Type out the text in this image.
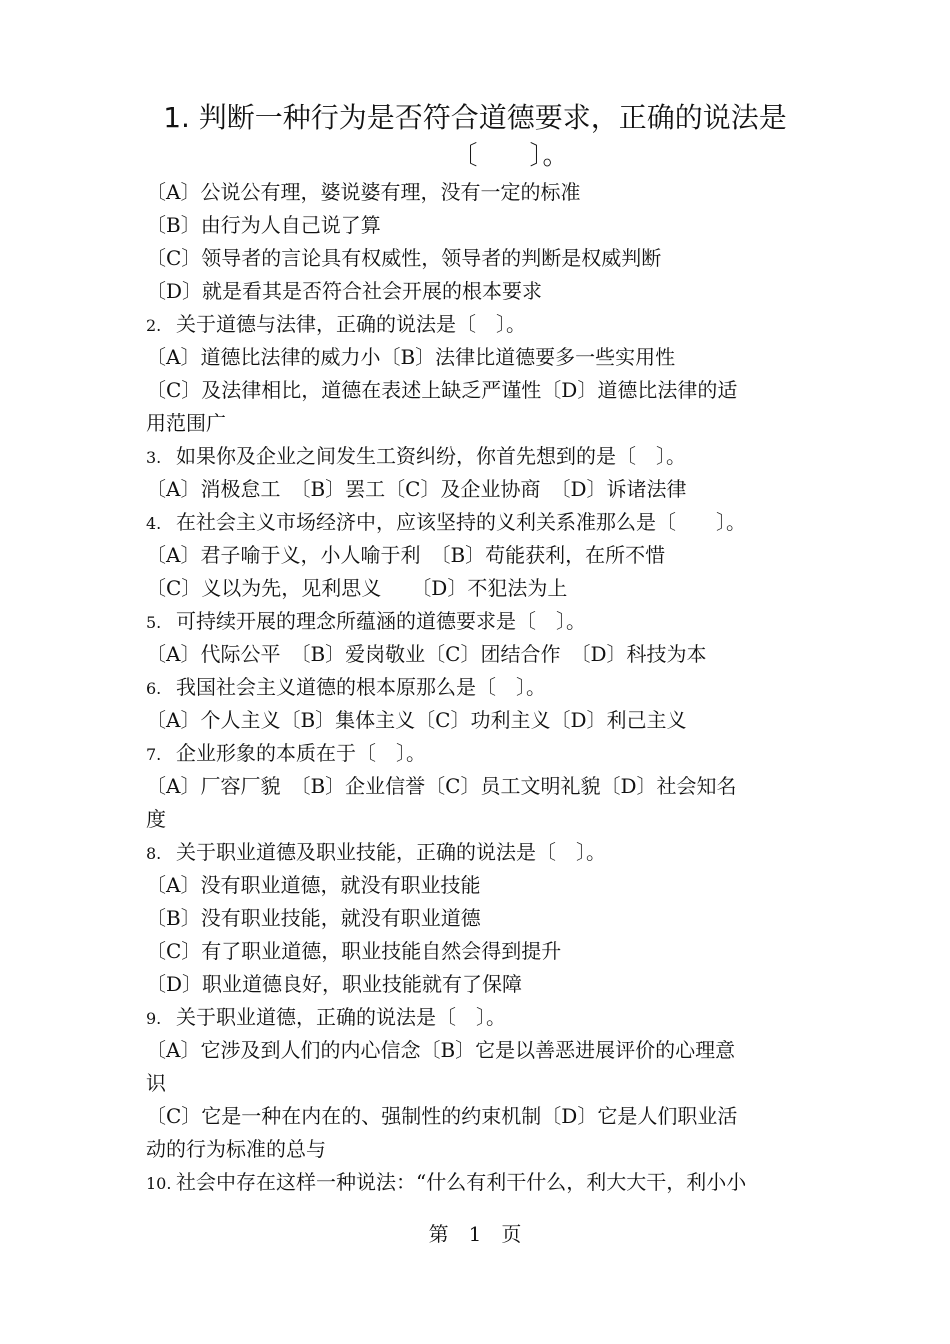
1. 判断一种行为是否符合道德要求，正确的说法是
〔　　〕。
〔A〕公说公有理，婆说婆有理，没有一定的标准
〔B〕由行为人自己说了算
〔C〕领导者的言论具有权威性，领导者的判断是权威判断
〔D〕就是看其是否符合社会开展的根本要求
2. 关于道德与法律，正确的说法是〔　〕。
〔A〕道德比法律的威力小〔B〕法律比道德要多一些实用性
〔C〕及法律相比，道德在表述上缺乏严谨性〔D〕道德比法律的适
用范围广
3. 如果你及企业之间发生工资纠纷，你首先想到的是〔　〕。
〔A〕消极怠工　〔B〕罢工〔C〕及企业协商　〔D〕诉诸法律
4. 在社会主义市场经济中，应该坚持的义利关系准那么是〔　　〕。
〔A〕君子喻于义，小人喻于利　〔B〕苟能获利，在所不惜
〔C〕义以为先，见利思义　　〔D〕不犯法为上
5. 可持续开展的理念所蕴涵的道德要求是〔　〕。
〔A〕代际公平　〔B〕爱岗敬业〔C〕团结合作　〔D〕科技为本
6. 我国社会主义道德的根本原那么是〔　〕。
〔A〕个人主义〔B〕集体主义〔C〕功利主义〔D〕利己主义
7. 企业形象的本质在于〔　〕。
〔A〕厂容厂貌　〔B〕企业信誉〔C〕员工文明礼貌〔D〕社会知名
度
8. 关于职业道德及职业技能，正确的说法是〔　〕。
〔A〕没有职业道德，就没有职业技能
〔B〕没有职业技能，就没有职业道德
〔C〕有了职业道德，职业技能自然会得到提升
〔D〕职业道德良好，职业技能就有了保障
9. 关于职业道德，正确的说法是〔　〕。
〔A〕它涉及到人们的内心信念〔B〕它是以善恶进展评价的心理意
识
〔C〕它是一种在内在的、强制性的约束机制〔D〕它是人们职业活
动的行为标准的总与
10. 社会中存在这样一种说法：“什么有利干什么，利大大干，利小小
第　1　页
